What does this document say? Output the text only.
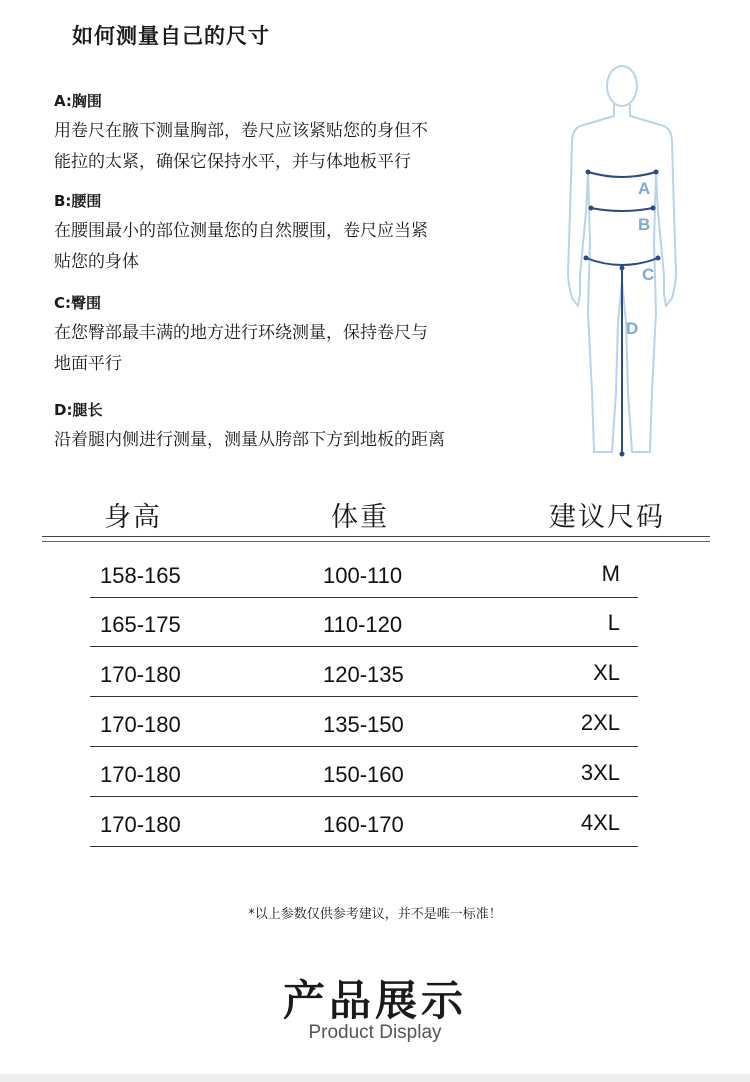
如何测量自己的尺寸
A:胸围
用卷尺在腋下测量胸部，卷尺应该紧贴您的身但不
能拉的太紧，确保它保持水平，并与体地板平行
B:腰围
在腰围最小的部位测量您的自然腰围，卷尺应当紧
贴您的身体
C:臀围
在您臀部最丰满的地方进行环绕测量，保持卷尺与
地面平行
D:腿长
沿着腿内侧进行测量，测量从胯部下方到地板的距离
A
B
C
D
身高	体重	建议尺码
158-165	100-110	M
165-175	110-120	L
170-180	120-135	XL
170-180	135-150	2XL
170-180	150-160	3XL
170-180	160-170	4XL
*以上参数仅供参考建议，并不是唯一标准！
产品展示
Product Display
